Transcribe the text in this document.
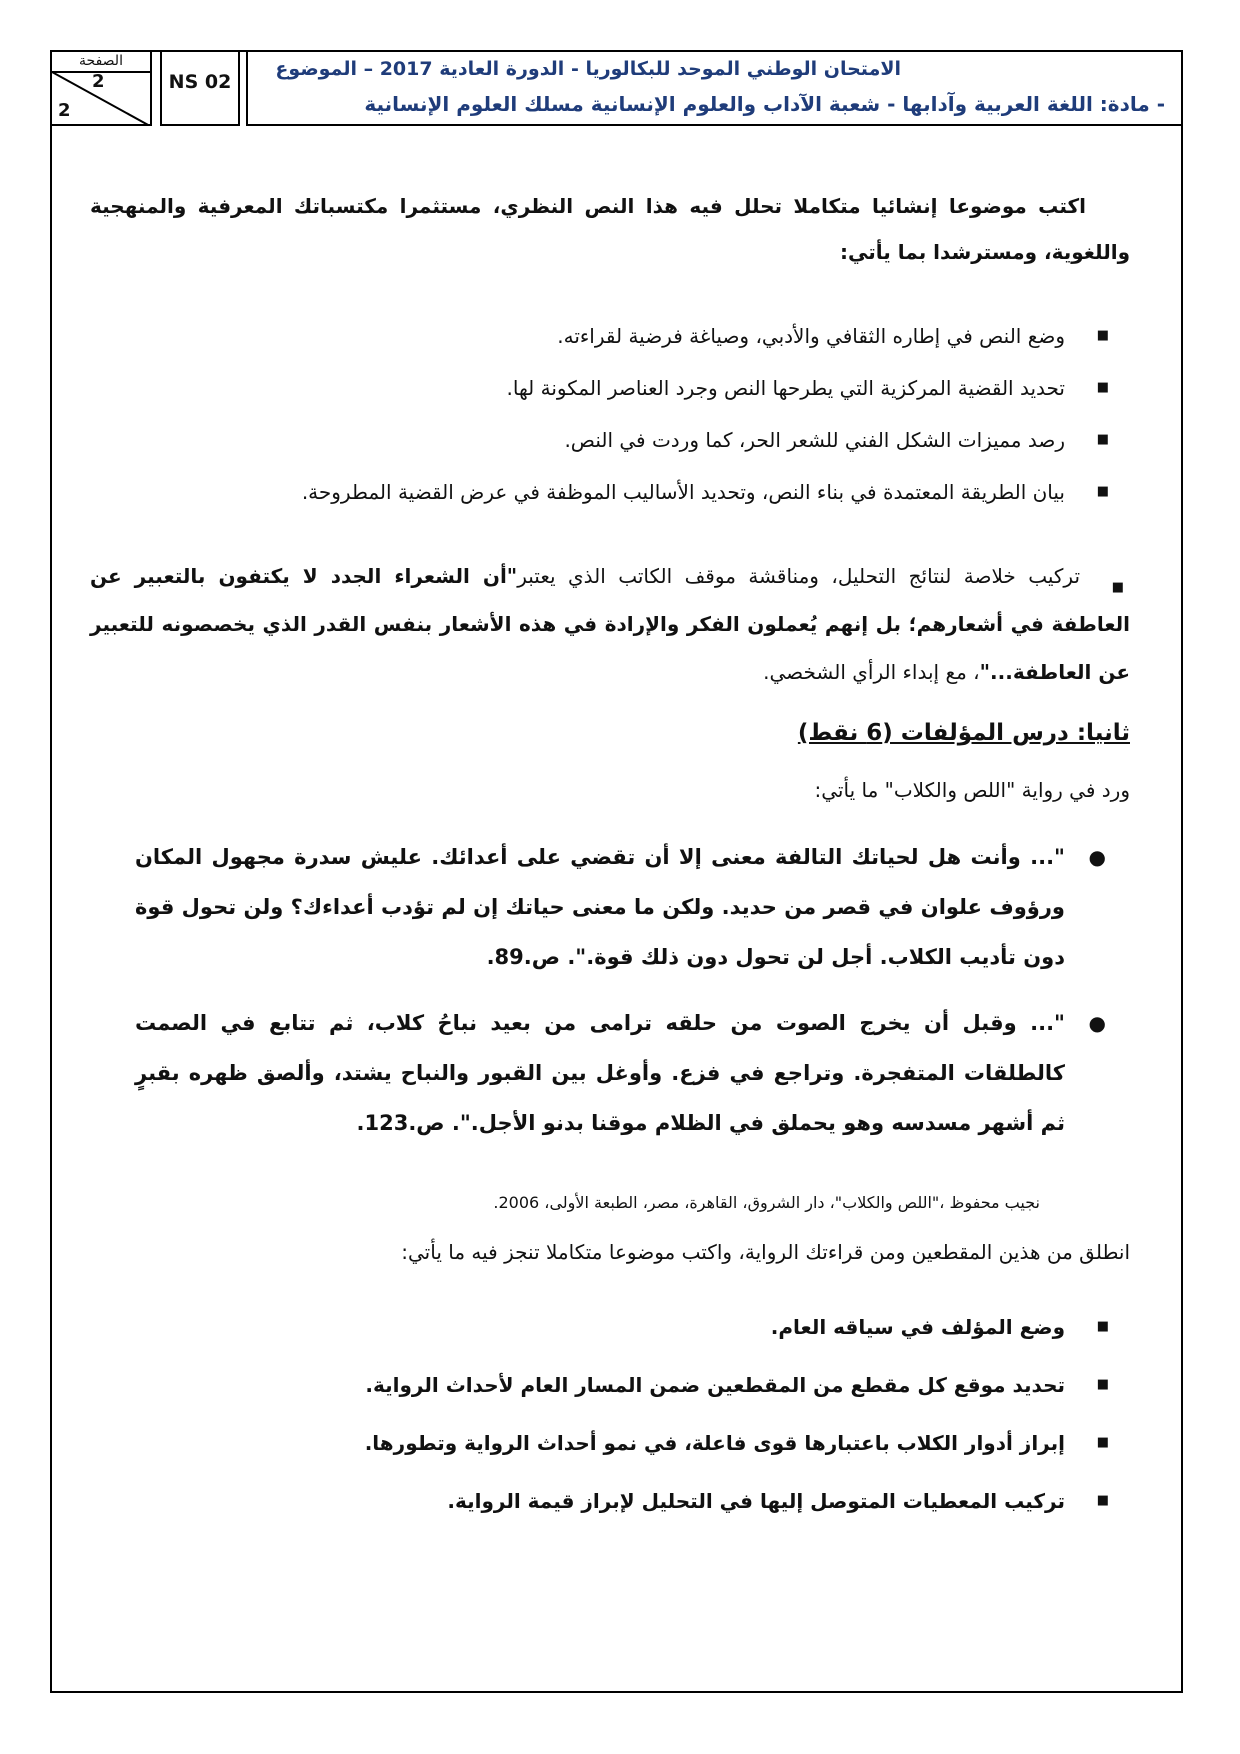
الصفحة
2
2
NS 02
الامتحان الوطني الموحد للبكالوريا - الدورة العادية 2017 – الموضوع
- مادة: اللغة العربية وآدابها - شعبة الآداب والعلوم الإنسانية مسلك العلوم الإنسانية

اكتب موضوعا إنشائيا متكاملا تحلل فيه هذا النص النظري، مستثمرا مكتسباتك المعرفية والمنهجية واللغوية، ومسترشدا بما يأتي:

■
وضع النص في إطاره الثقافي والأدبي، وصياغة فرضية لقراءته.
■
تحديد القضية المركزية التي يطرحها النص وجرد العناصر المكونة لها.
■
رصد مميزات الشكل الفني للشعر الحر، كما وردت في النص.
■
بيان الطريقة المعتمدة في بناء النص، وتحديد الأساليب الموظفة في عرض القضية المطروحة.
■
تركيب خلاصة لنتائج التحليل، ومناقشة موقف الكاتب الذي يعتبر"أن الشعراء الجدد لا يكتفون بالتعبير عن العاطفة في أشعارهم؛ بل إنهم يُعملون الفكر والإرادة في هذه الأشعار بنفس القدر الذي يخصصونه للتعبير عن العاطفة..."، مع إبداء الرأي الشخصي.
ثانيا: درس المؤلفات (6 نقط)
ورد في رواية "اللص والكلاب" ما يأتي:
●
"... وأنت هل لحياتك التالفة معنى إلا أن تقضي على أعدائك. عليش سدرة مجهول المكان ورؤوف علوان في قصر من حديد. ولكن ما معنى حياتك إن لم تؤدب أعداءك؟ ولن تحول قوة دون تأديب الكلاب. أجل لن تحول دون ذلك قوة.". ص.89.
●
"... وقبل أن يخرج الصوت من حلقه ترامى من بعيد نباحُ كلاب، ثم تتابع في الصمت كالطلقات المتفجرة. وتراجع في فزع. وأوغل بين القبور والنباح يشتد، وألصق ظهره بقبرٍ ثم أشهر مسدسه وهو يحملق في الظلام موقنا بدنو الأجل.". ص.123.
نجيب محفوظ ،"اللص والكلاب"، دار الشروق، القاهرة، مصر، الطبعة الأولى، 2006.
انطلق من هذين المقطعين ومن قراءتك الرواية، واكتب موضوعا متكاملا تنجز فيه ما يأتي:
■
وضع المؤلف في سياقه العام.
■
تحديد موقع كل مقطع من المقطعين ضمن المسار العام لأحداث الرواية.
■
إبراز أدوار الكلاب باعتبارها قوى فاعلة، في نمو أحداث الرواية وتطورها.
■
تركيب المعطيات المتوصل إليها في التحليل لإبراز قيمة الرواية.
